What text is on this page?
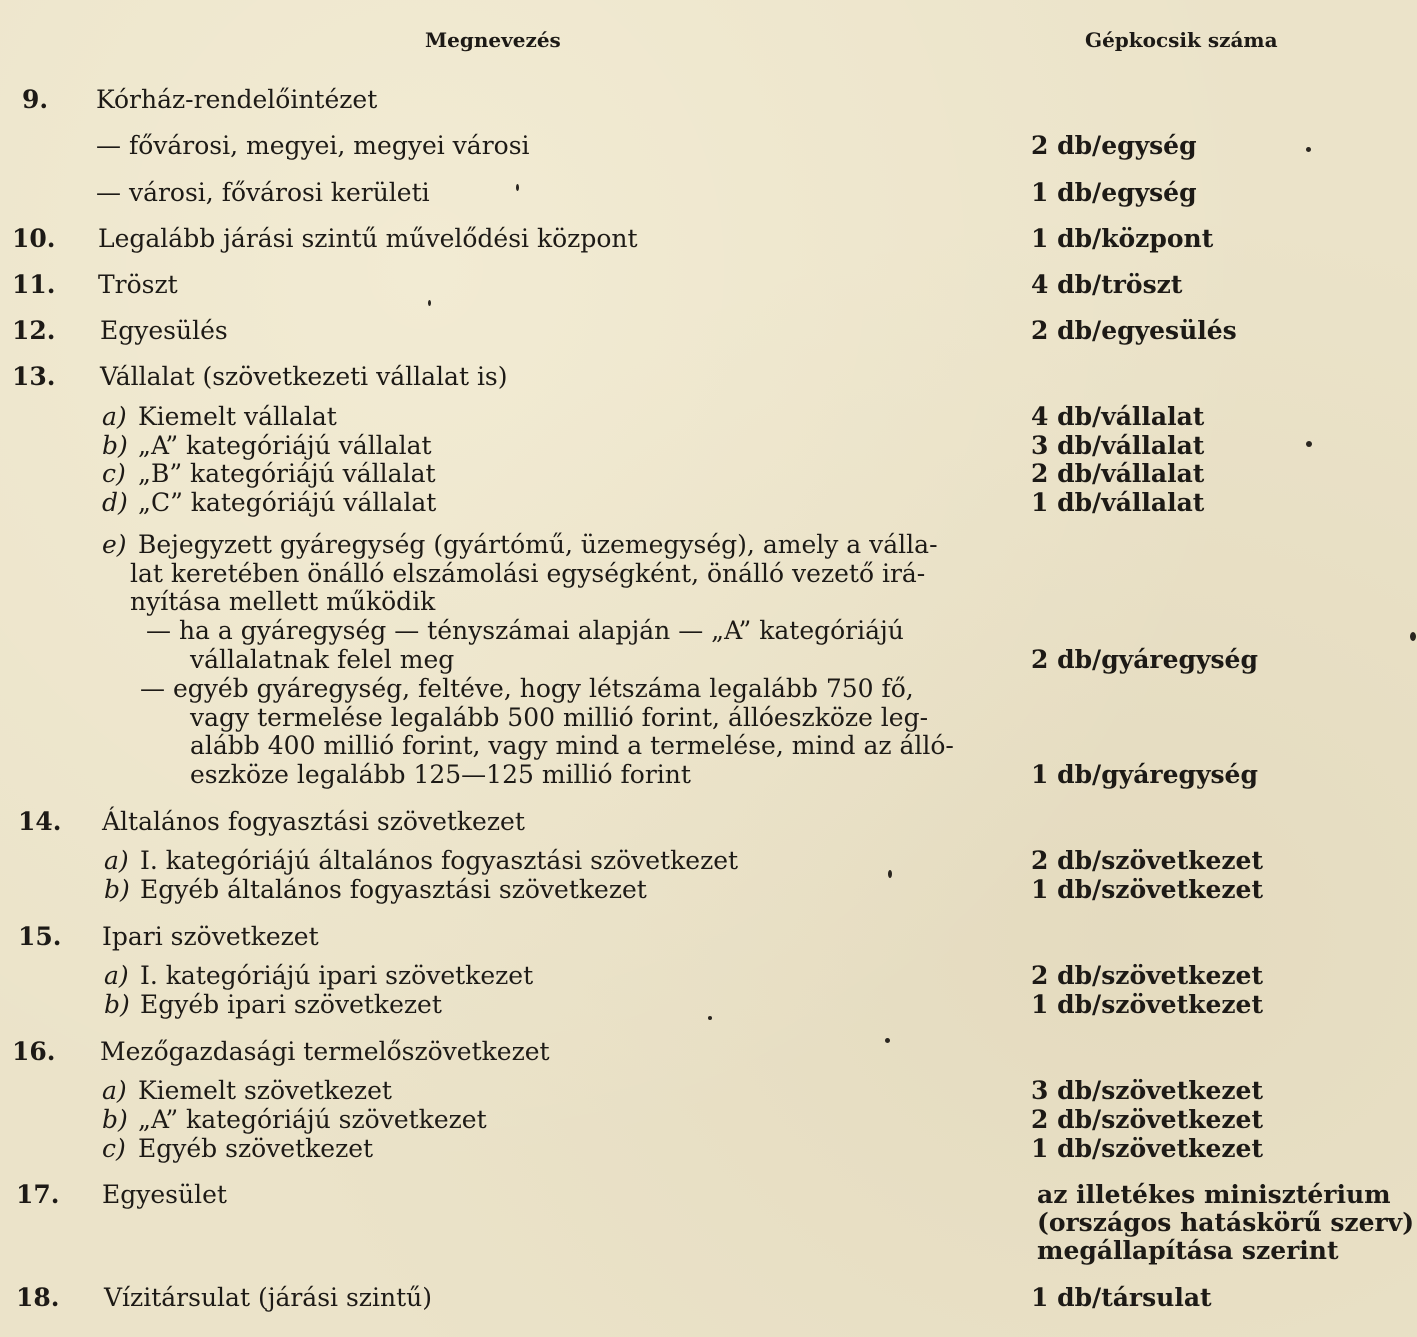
Megnevezés	Gépkocsik száma
9. Kórház-rendelőintézet
— fővárosi, megyei, megyei városi	2 db/egység
— városi, fővárosi kerületi	1 db/egység
10. Legalább járási szintű művelődési központ	1 db/központ
11. Tröszt	4 db/tröszt
12. Egyesülés	2 db/egyesülés
13. Vállalat (szövetkezeti vállalat is)
a) Kiemelt vállalat	4 db/vállalat
b) „A” kategóriájú vállalat	3 db/vállalat
c) „B” kategóriájú vállalat	2 db/vállalat
d) „C” kategóriájú vállalat	1 db/vállalat
e) Bejegyzett gyáregység (gyártómű, üzemegység), amely a válla-
lat keretében önálló elszámolási egységként, önálló vezető irá-
nyítása mellett működik
— ha a gyáregység — tényszámai alapján — „A” kategóriájú
vállalatnak felel meg	2 db/gyáregység
— egyéb gyáregység, feltéve, hogy létszáma legalább 750 fő,
vagy termelése legalább 500 millió forint, állóeszköze leg-
alább 400 millió forint, vagy mind a termelése, mind az álló-
eszköze legalább 125—125 millió forint	1 db/gyáregység
14. Általános fogyasztási szövetkezet
a) I. kategóriájú általános fogyasztási szövetkezet	2 db/szövetkezet
b) Egyéb általános fogyasztási szövetkezet	1 db/szövetkezet
15. Ipari szövetkezet
a) I. kategóriájú ipari szövetkezet	2 db/szövetkezet
b) Egyéb ipari szövetkezet	1 db/szövetkezet
16. Mezőgazdasági termelőszövetkezet
a) Kiemelt szövetkezet	3 db/szövetkezet
b) „A” kategóriájú szövetkezet	2 db/szövetkezet
c) Egyéb szövetkezet	1 db/szövetkezet
17. Egyesület	az illetékes minisztérium
(országos hatáskörű szerv)
megállapítása szerint
18. Vízitársulat (járási szintű)	1 db/társulat
